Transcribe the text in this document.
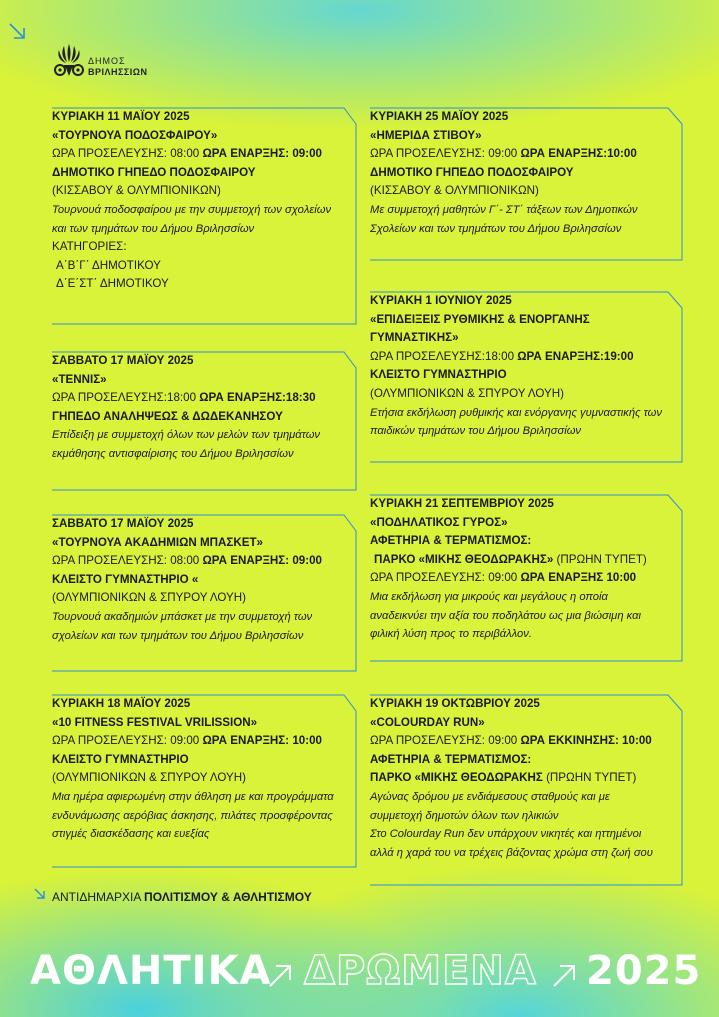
ΔΗΜΟΣ
ΒΡΙΛΗΣΣΙΩΝ
ΚΥΡΙΑΚΗ 11 ΜΑΪΟΥ 2025
«ΤΟΥΡΝΟΥΑ ΠΟΔΟΣΦΑΙΡΟΥ»
ΩΡΑ ΠΡΟΣΕΛΕΥΣΗΣ: 08:00 ΩΡΑ ΕΝΑΡΞΗΣ: 09:00
ΔΗΜΟΤΙΚΟ ΓΗΠΕΔΟ ΠΟΔΟΣΦΑΙΡΟΥ
(ΚΙΣΣΑΒΟΥ & ΟΛΥΜΠΙΟΝΙΚΩΝ)
Τουρνουά ποδοσφαίρου με την συμμετοχή των σχολείων
και των τμημάτων του Δήμου Βριλησσίων
ΚΑΤΗΓΟΡΙΕΣ:
Α΄Β΄Γ΄ ΔΗΜΟΤΙΚΟΥ
Δ΄Ε΄ΣΤ΄ ΔΗΜΟΤΙΚΟΥ
ΣΑΒΒΑΤΟ 17 ΜΑΪΟΥ 2025
«ΤΕΝΝΙΣ»
ΩΡΑ ΠΡΟΣΕΛΕΥΣΗΣ:18:00 ΩΡΑ ΕΝΑΡΞΗΣ:18:30
ΓΗΠΕΔΟ ΑΝΑΛΗΨΕΩΣ & ΔΩΔΕΚΑΝΗΣΟΥ
Επίδειξη με συμμετοχή όλων των μελών των τμημάτων
εκμάθησης αντισφαίρισης του Δήμου Βριλησσίων
ΣΑΒΒΑΤΟ 17 ΜΑΪΟΥ 2025
«ΤΟΥΡΝΟΥΑ ΑΚΑΔΗΜΙΩΝ ΜΠΑΣΚΕΤ»
ΩΡΑ ΠΡΟΣΕΛΕΥΣΗΣ: 08:00 ΩΡΑ ΕΝΑΡΞΗΣ: 09:00
ΚΛΕΙΣΤΟ ΓΥΜΝΑΣΤΗΡΙΟ «
(ΟΛΥΜΠΙΟΝΙΚΩΝ & ΣΠΥΡΟΥ ΛΟΥΗ)
Τουρνουά ακαδημιών μπάσκετ με την συμμετοχή των
σχολείων και των τμημάτων του Δήμου Βριλησσίων
ΚΥΡΙΑΚΗ 18 ΜΑΪΟΥ 2025
«10 FITNESS FESTIVAL VRILISSION»
ΩΡΑ ΠΡΟΣΕΛΕΥΣΗΣ: 09:00 ΩΡΑ ΕΝΑΡΞΗΣ: 10:00
ΚΛΕΙΣΤΟ ΓΥΜΝΑΣΤΗΡΙΟ
(ΟΛΥΜΠΙΟΝΙΚΩΝ & ΣΠΥΡΟΥ ΛΟΥΗ)
Μια ημέρα αφιερωμένη στην άθληση με και προγράμματα
ενδυνάμωσης αερόβιας άσκησης, πιλάτες προσφέροντας
στιγμές διασκέδασης και ευεξίας
ΚΥΡΙΑΚΗ 25 ΜΑΪΟΥ 2025
«ΗΜΕΡΙΔΑ ΣΤΙΒΟΥ»
ΩΡΑ ΠΡΟΣΕΛΕΥΣΗΣ: 09:00 ΩΡΑ ΕΝΑΡΞΗΣ:10:00
ΔΗΜΟΤΙΚΟ ΓΗΠΕΔΟ ΠΟΔΟΣΦΑΙΡΟΥ
(ΚΙΣΣΑΒΟΥ & ΟΛΥΜΠΙΟΝΙΚΩΝ)
Με συμμετοχή μαθητών Γ΄- ΣΤ΄ τάξεων των Δημοτικών
Σχολείων και των τμημάτων του Δήμου Βριλησσίων
ΚΥΡΙΑΚΗ 1 ΙΟΥΝΙΟΥ 2025
«ΕΠΙΔΕΙΞΕΙΣ ΡΥΘΜΙΚΗΣ & ΕΝΟΡΓΑΝΗΣ
ΓΥΜΝΑΣΤΙΚΗΣ»
ΩΡΑ ΠΡΟΣΕΛΕΥΣΗΣ:18:00 ΩΡΑ ΕΝΑΡΞΗΣ:19:00
ΚΛΕΙΣΤΟ ΓΥΜΝΑΣΤΗΡΙΟ
(ΟΛΥΜΠΙΟΝΙΚΩΝ & ΣΠΥΡΟΥ ΛΟΥΗ)
Ετήσια εκδήλωση ρυθμικής και ενόργανης γυμναστικής των
παιδικών τμημάτων του Δήμου Βριλησσίων
ΚΥΡΙΑΚΗ 21 ΣΕΠΤΕΜΒΡΙΟΥ 2025
«ΠΟΔΗΛΑΤΙΚΟΣ ΓΥΡΟΣ»
ΑΦΕΤΗΡΙΑ & ΤΕΡΜΑΤΙΣΜΟΣ:
ΠΑΡΚΟ «ΜΙΚΗΣ ΘΕΟΔΩΡΑΚΗΣ» (ΠΡΩΗΝ ΤΥΠΕΤ)
ΩΡΑ ΠΡΟΣΕΛΕΥΣΗΣ: 09:00 ΩΡΑ ΕΝΑΡΞΗΣ 10:00
Μια εκδήλωση για μικρούς και μεγάλους η οποία
αναδεικνύει την αξία του ποδηλάτου ως μια βιώσιμη και
φιλική λύση προς το περιβάλλον.
ΚΥΡΙΑΚΗ 19 ΟΚΤΩΒΡΙΟΥ 2025
«COLOURDAY RUN»
ΩΡΑ ΠΡΟΣΕΛΕΥΣΗΣ: 09:00 ΩΡΑ ΕΚΚΙΝΗΣΗΣ: 10:00
ΑΦΕΤΗΡΙΑ & ΤΕΡΜΑΤΙΣΜΟΣ:
ΠΑΡΚΟ «ΜΙΚΗΣ ΘΕΟΔΩΡΑΚΗΣ (ΠΡΩΗΝ ΤΥΠΕΤ)
Αγώνας δρόμου με ενδιάμεσους σταθμούς και με
συμμετοχή δημοτών όλων των ηλικιών
Στο Colourday Run δεν υπάρχουν νικητές και ηττημένοι
αλλά η χαρά του να τρέχεις βάζοντας χρώμα στη ζωή σου
ΑΝΤΙΔΗΜΑΡΧΙΑ ΠΟΛΙΤΙΣΜΟΥ & ΑΘΛΗΤΙΣΜΟΥ
ΑΘΛΗΤΙΚΑ ΔΡΩΜΕΝΑ 2025
